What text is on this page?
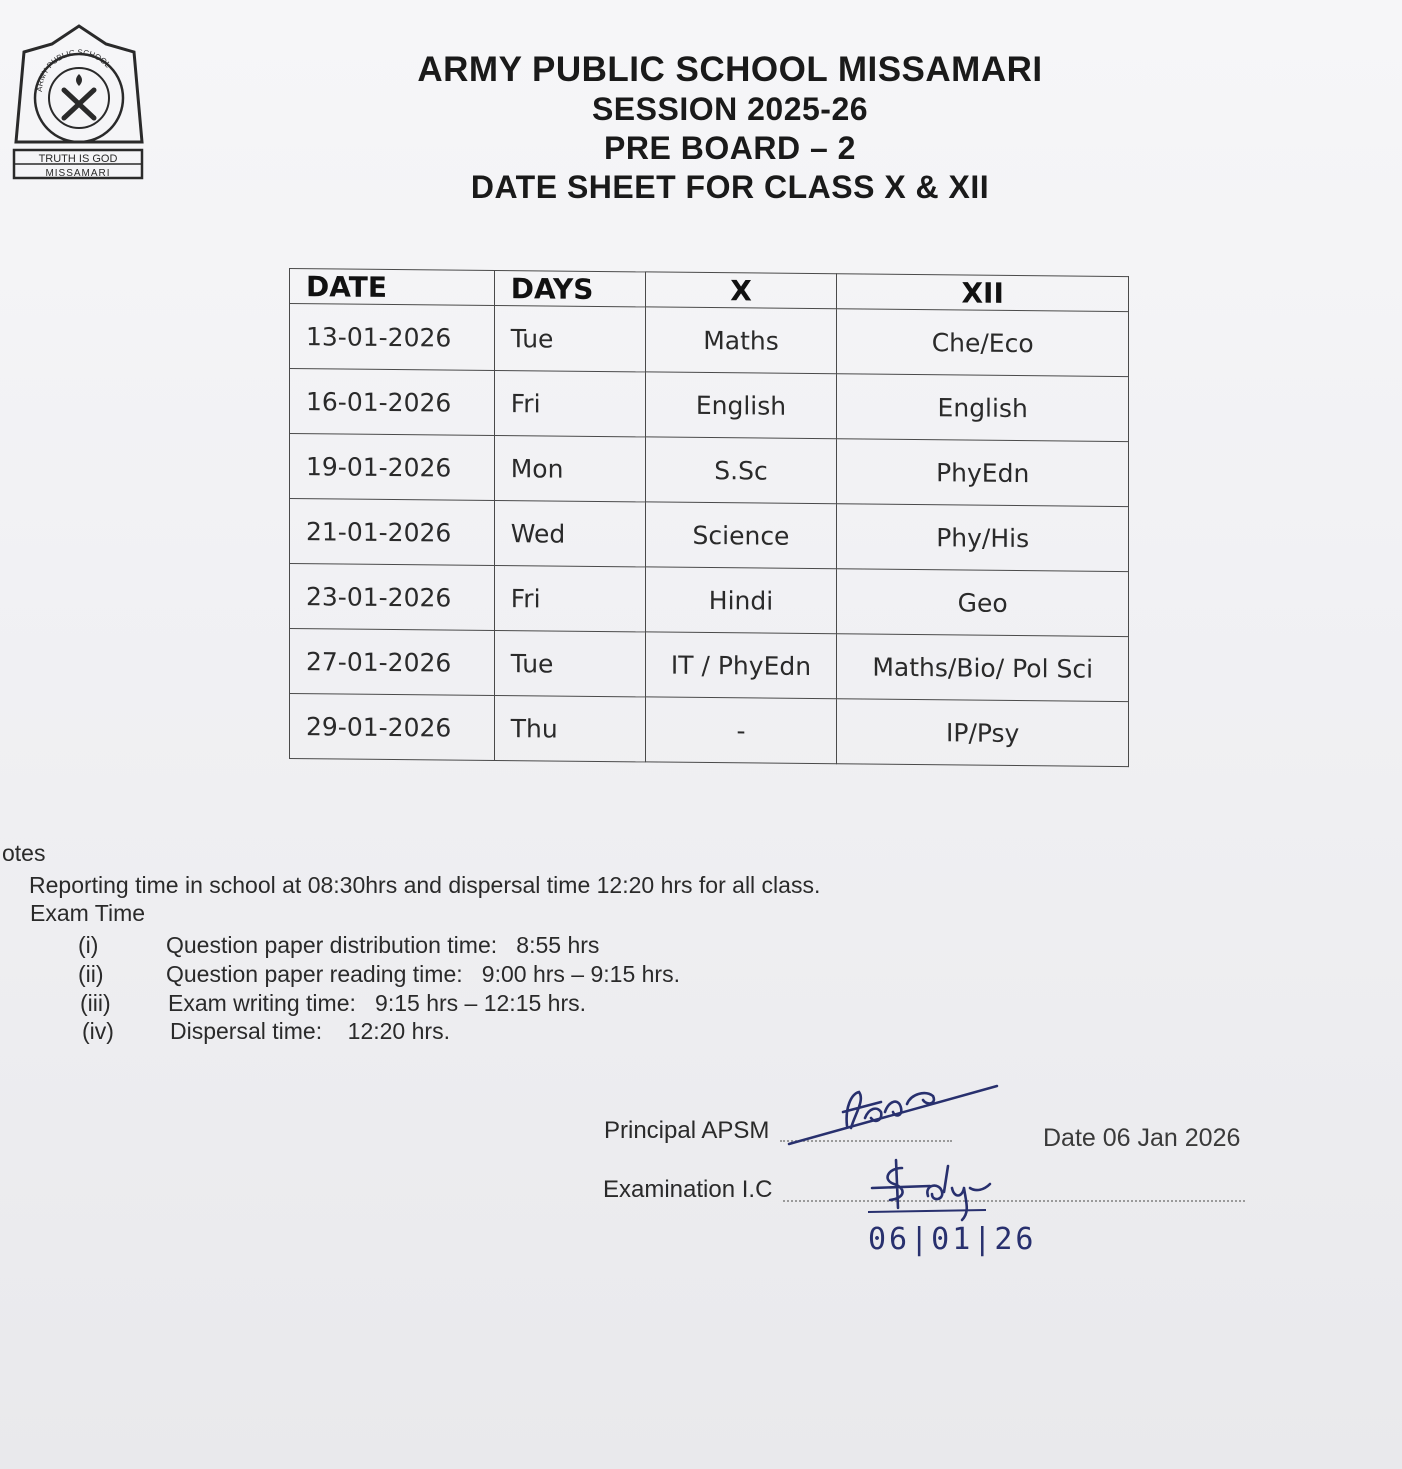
TRUTH IS GOD
MISSAMARI
ARMY PUBLIC SCHOOL	ARMY PUBLIC SCHOOL MISSAMARI
SESSION 2025-26
PRE BOARD – 2
DATE SHEET FOR CLASS X & XII
DATE	DAYS	X	XII
13-01-2026	Tue	Maths	Che/Eco
16-01-2026	Fri	English	English
19-01-2026	Mon	S.Sc	PhyEdn
21-01-2026	Wed	Science	Phy/His
23-01-2026	Fri	Hindi	Geo
27-01-2026	Tue	IT / PhyEdn	Maths/Bio/ Pol Sci
29-01-2026	Thu	-	IP/Psy
otes
Reporting time in school at 08:30hrs and dispersal time 12:20 hrs for all class.
Exam Time
(i)	Question paper distribution time: 8:55 hrs
(ii)	Question paper reading time: 9:00 hrs – 9:15 hrs.
(iii) Exam writing time: 9:15 hrs – 12:15 hrs.
(iv) Dispersal time: 12:20 hrs.
Principal APSM
Examination I.C
Date 06 Jan 2026
06|01|26
